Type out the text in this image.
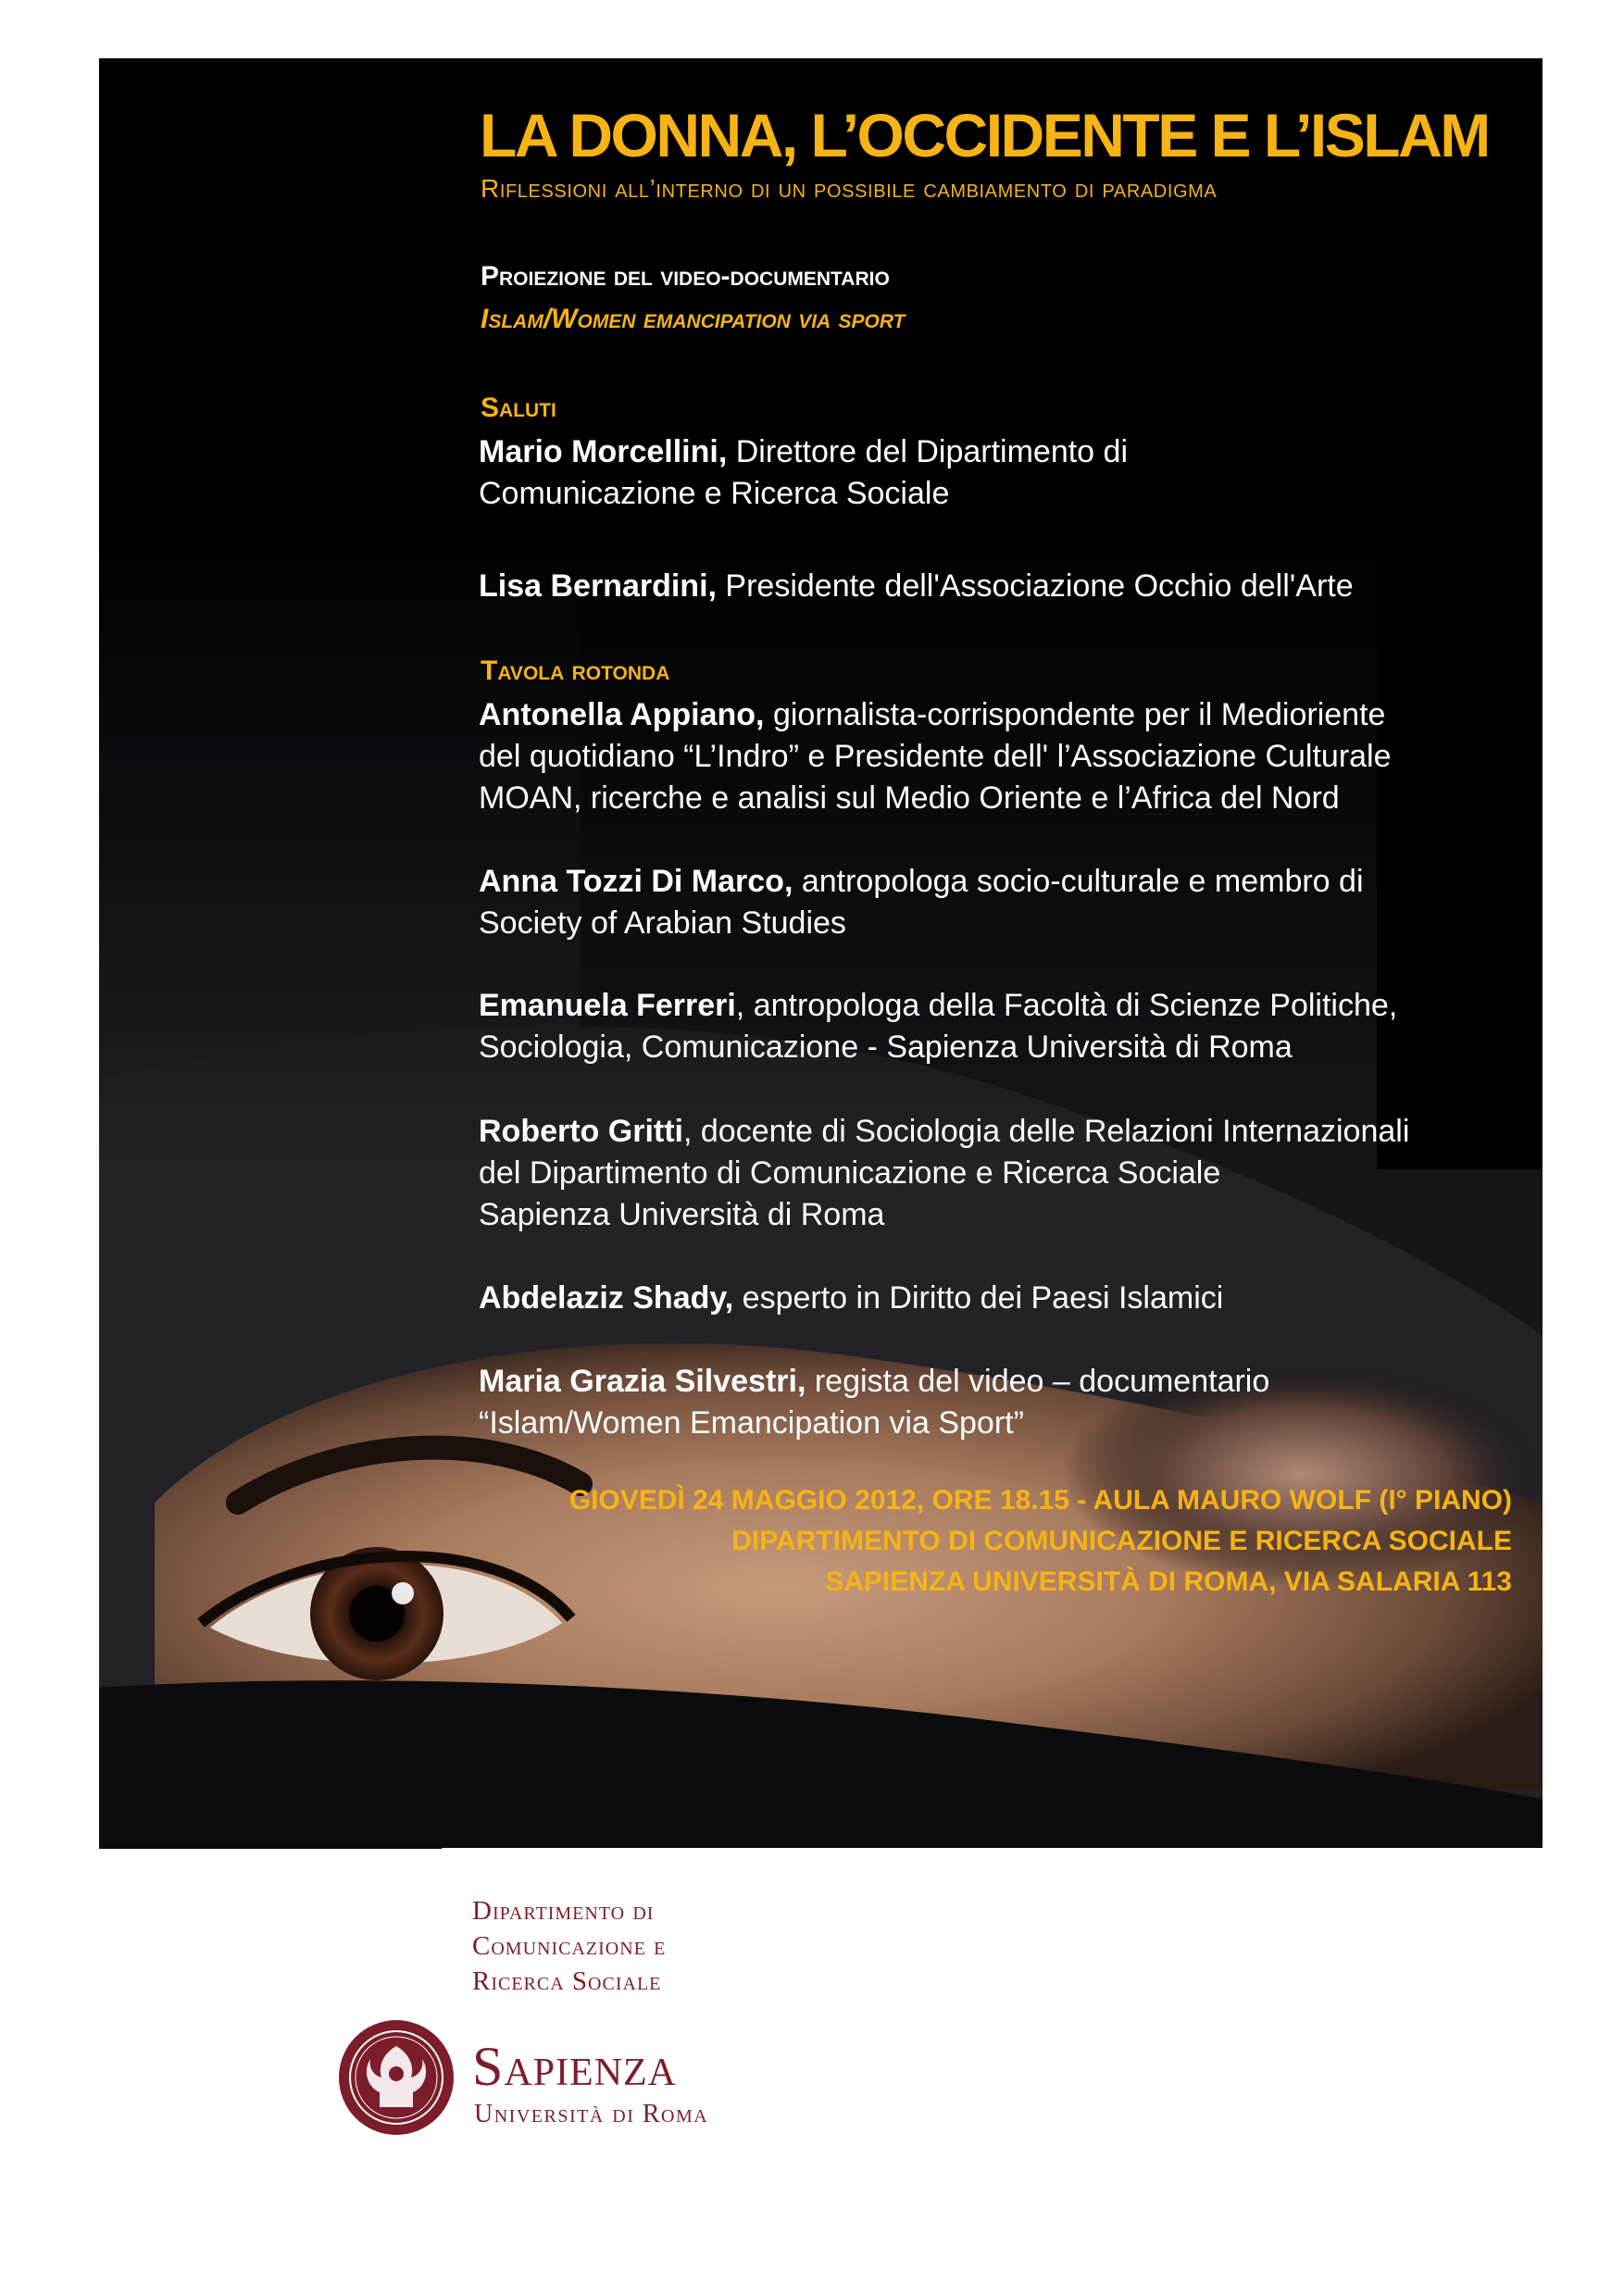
LA DONNA, L’OCCIDENTE E L’ISLAM
Riflessioni all’interno di un possibile cambiamento di paradigma
Proiezione del video-documentario
Islam/Women emancipation via sport
Saluti

Mario Morcellini, Direttore del Dipartimento di
Comunicazione e Ricerca Sociale

Lisa Bernardini, Presidente dell'Associazione Occhio dell'Arte

Tavola rotonda

Antonella Appiano, giornalista-corrispondente per il Medioriente
del quotidiano “L’Indro” e Presidente dell' l’Associazione Culturale
MOAN, ricerche e analisi sul Medio Oriente e l’Africa del Nord

Anna Tozzi Di Marco, antropologa socio-culturale e membro di
Society of Arabian Studies

Emanuela Ferreri, antropologa della Facoltà di Scienze Politiche,
Sociologia, Comunicazione - Sapienza Università di Roma

Roberto Gritti, docente di Sociologia delle Relazioni Internazionali
del Dipartimento di Comunicazione e Ricerca Sociale
Sapienza Università di Roma

Abdelaziz Shady, esperto in Diritto dei Paesi Islamici

Maria Grazia Silvestri, regista del video – documentario
“Islam/Women Emancipation via Sport”

GIOVEDÌ 24 MAGGIO 2012, ORE 18.15 - AULA MAURO WOLF (I° PIANO)
DIPARTIMENTO DI COMUNICAZIONE E RICERCA SOCIALE
SAPIENZA UNIVERSITÀ DI ROMA, VIA SALARIA 113
Dipartimento di
Comunicazione e
Ricerca Sociale
Sapienza
Università di Roma
